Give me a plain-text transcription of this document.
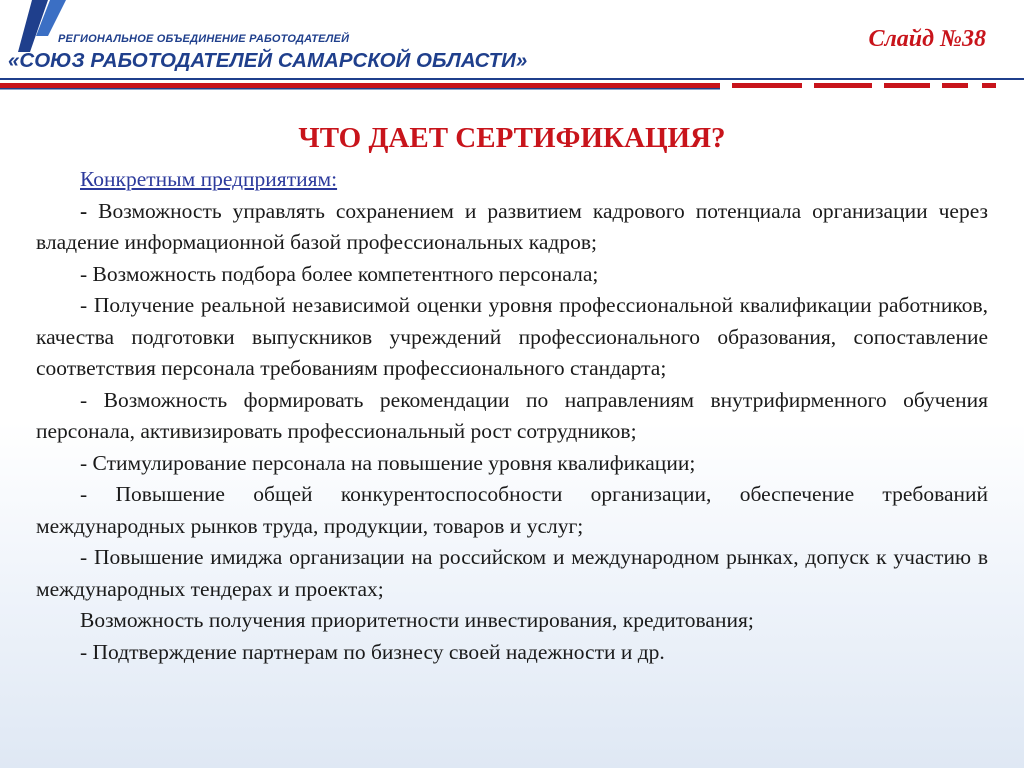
РЕГИОНАЛЬНОЕ ОБЪЕДИНЕНИЕ РАБОТОДАТЕЛЕЙ
«СОЮЗ РАБОТОДАТЕЛЕЙ САМАРСКОЙ ОБЛАСТИ»
Слайд №38
ЧТО ДАЕТ СЕРТИФИКАЦИЯ?

Конкретным предприятиям:

- Возможность управлять сохранением и развитием кадрового потенциала организации через владение информационной базой профессиональных кадров;

- Возможность подбора более компетентного персонала;

- Получение реальной независимой оценки уровня профессиональной квалификации работников, качества подготовки выпускников учреждений профессионального образования, сопоставление соответствия персонала требованиям профессионального стандарта;

- Возможность формировать рекомендации по направлениям внутрифирменного обучения персонала, активизировать профессиональный рост сотрудников;

- Стимулирование персонала на повышение уровня квалификации;

- Повышение общей конкурентоспособности организации, обеспечение требований международных рынков труда, продукции, товаров и услуг;

- Повышение имиджа организации на российском и международном рынках, допуск к участию в международных тендерах и проектах;

Возможность получения приоритетности инвестирования, кредитования;

- Подтверждение партнерам по бизнесу своей надежности и др.
